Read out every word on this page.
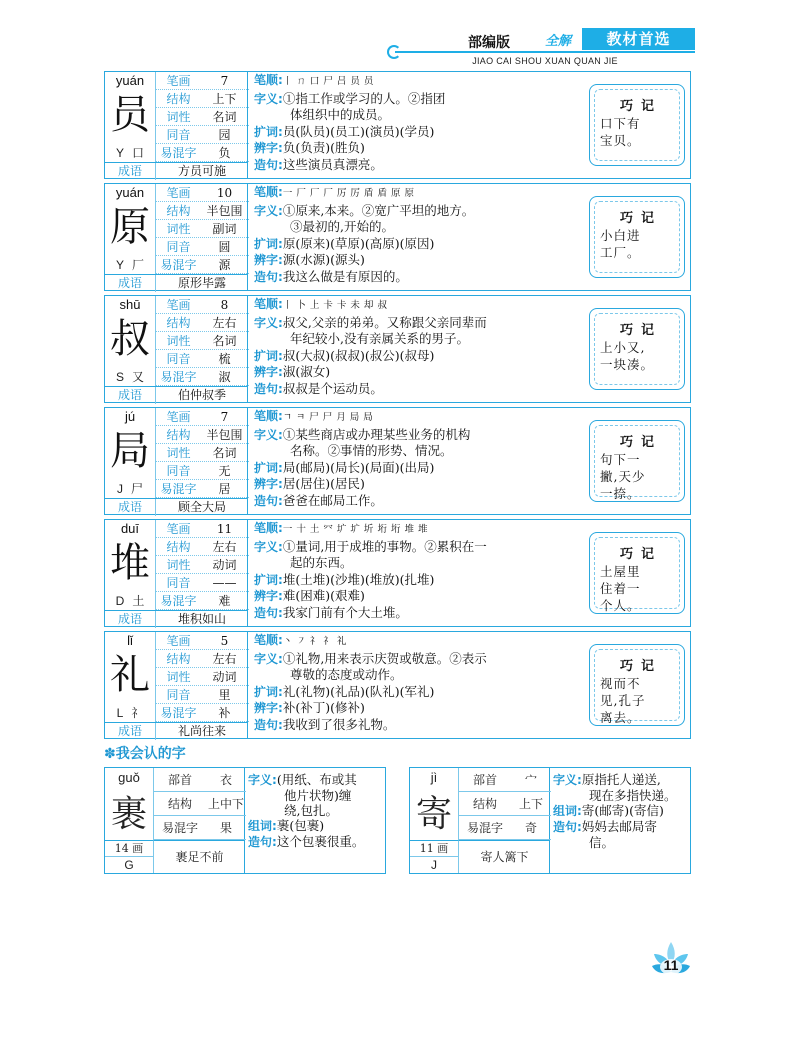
部编版	全解	教材首选
JIAO CAI SHOU XUAN QUAN JIE
yuán
员
Y 口
笔画	7
结构	上下
词性	名词
同音	园
易混字	负
成语	方员可施
笔顺:丨 ㄇ 口 尸 吕 员 员
字义:①指工作或学习的人。②指团
体组织中的成员。
扩词:员(队员)(员工)(演员)(学员)
辨字:负(负责)(胜负)
造句:这些演员真漂亮。
巧记
口下有
宝贝。
yuán
原
Y 厂
笔画	10
结构	半包围
词性	副词
同音	圆
易混字	源
成语	原形毕露
笔顺:一 厂 厂 厂 厉 厉 盾 盾 原 原
字义:①原来,本来。②宽广平坦的地方。
③最初的,开始的。
扩词:原(原来)(草原)(高原)(原因)
辨字:源(水源)(源头)
造句:我这么做是有原因的。
巧记
小白进
工厂。
shū
叔
S 又
笔画	8
结构	左右
词性	名词
同音	梳
易混字	淑
成语	伯仲叔季
笔顺:丨 卜 上 卡 卡 未 却 叔
字义:叔父,父亲的弟弟。又称跟父亲同辈而
年纪较小,没有亲属关系的男子。
扩词:叔(大叔)(叔叔)(叔公)(叔母)
辨字:淑(淑女)
造句:叔叔是个运动员。
巧记
上小又,
一块凑。
jú
局
J 尸
笔画	7
结构	半包围
词性	名词
同音	无
易混字	居
成语	顾全大局
笔顺:ㄱ ㅋ 尸 尸 月 局 局
字义:①某些商店或办理某些业务的机构
名称。②事情的形势、情况。
扩词:局(邮局)(局长)(局面)(出局)
辨字:居(居住)(居民)
造句:爸爸在邮局工作。
巧记
句下一
撇,天少
一捺。
duī
堆
D 土
笔画	11
结构	左右
词性	动词
同音	——
易混字	难
成语	堆积如山
笔顺:一 十 土 㓁 圹 圹 圻 垳 垳 堆 堆
字义:①量词,用于成堆的事物。②累积在一
起的东西。
扩词:堆(土堆)(沙堆)(堆放)(扎堆)
辨字:难(困难)(艰难)
造句:我家门前有个大土堆。
巧记
土屋里
住着一
个人。
lǐ
礼
L 礻
笔画	5
结构	左右
词性	动词
同音	里
易混字	补
成语	礼尚往来
笔顺:丶 ㇇ 礻 礻 礼
字义:①礼物,用来表示庆贺或敬意。②表示
尊敬的态度或动作。
扩词:礼(礼物)(礼品)(队礼)(军礼)
辨字:补(补丁)(修补)
造句:我收到了很多礼物。
巧记
视而不
见,孔子
离去。
✽我会认的字
guǒ
裹
部首	衣
结构	上中下
易混字	果
14 画
G
裹足不前
字义:(用纸、布或其
他片状物)缠
绕,包扎。
组词:裹(包裹)
造句:这个包裹很重。
jì
寄
部首	宀
结构	上下
易混字	奇
11 画
J
寄人篱下
字义:原指托人递送,
现在多指快递。
组词:寄(邮寄)(寄信)
造句:妈妈去邮局寄
信。
11
